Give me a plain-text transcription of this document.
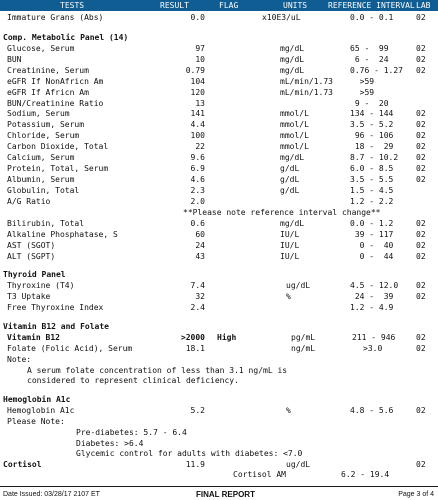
TESTS	RESULT	FLAG	UNITS	REFERENCE INTERVAL LAB
Immature Grans (Abs)	0.0	x10E3/uL	0.0 - 0.1	02
Comp. Metabolic Panel (14)
Glucose, Serum	97	mg/dL	65 -  99	02
BUN	10	mg/dL	6 -  24	02
Creatinine, Serum	0.79	mg/dL	0.76 - 1.27 02
eGFR If NonAfricn Am	104	mL/min/1.73 >59
eGFR If Africn Am	120	mL/min/1.73 >59
BUN/Creatinine Ratio	13	9 -  20
Sodium, Serum	141	mmol/L	134 - 144	02
Potassium, Serum	4.4	mmol/L	3.5 - 5.2	02
Chloride, Serum	100	mmol/L	96 - 106	02
Carbon Dioxide, Total	22	mmol/L	18 -  29	02
Calcium, Serum	9.6	mg/dL	8.7 - 10.2 02
Protein, Total, Serum	6.9	g/dL	6.0 - 8.5	02
Albumin, Serum	4.6	g/dL	3.5 - 5.5	02
Globulin, Total	2.3	g/dL	1.5 - 4.5
A/G Ratio	2.0	1.2 - 2.2
**Please note reference interval change**
Bilirubin, Total	0.6	mg/dL	0.0 - 1.2	02
Alkaline Phosphatase, S	60	IU/L	39 - 117	02
AST (SGOT)	24	IU/L	0 -  40	02
ALT (SGPT)	43	IU/L	0 -  44	02
Thyroid Panel
Thyroxine (T4)	7.4	ug/dL	4.5 - 12.0 02
T3 Uptake	32	%	24 -  39	02
Free Thyroxine Index	2.4	1.2 - 4.9
Vitamin B12 and Folate
Vitamin B12	>2000 High	pg/mL	211 - 946	02
Folate (Folic Acid), Serum	18.1	ng/mL	>3.0	02
Note:
A serum folate concentration of less than 3.1 ng/mL is
considered to represent clinical deficiency.
Hemoglobin A1c
Hemoglobin A1c	5.2	%	4.8 - 5.6	02
Please Note:
Pre-diabetes: 5.7 - 6.4
Diabetes: >6.4
Glycemic control for adults with diabetes: <7.0
Cortisol	11.9	ug/dL	02
Cortisol AM	6.2 - 19.4
Date Issued: 03/28/17 2107 ET	FINAL REPORT	Page 3 of 4
